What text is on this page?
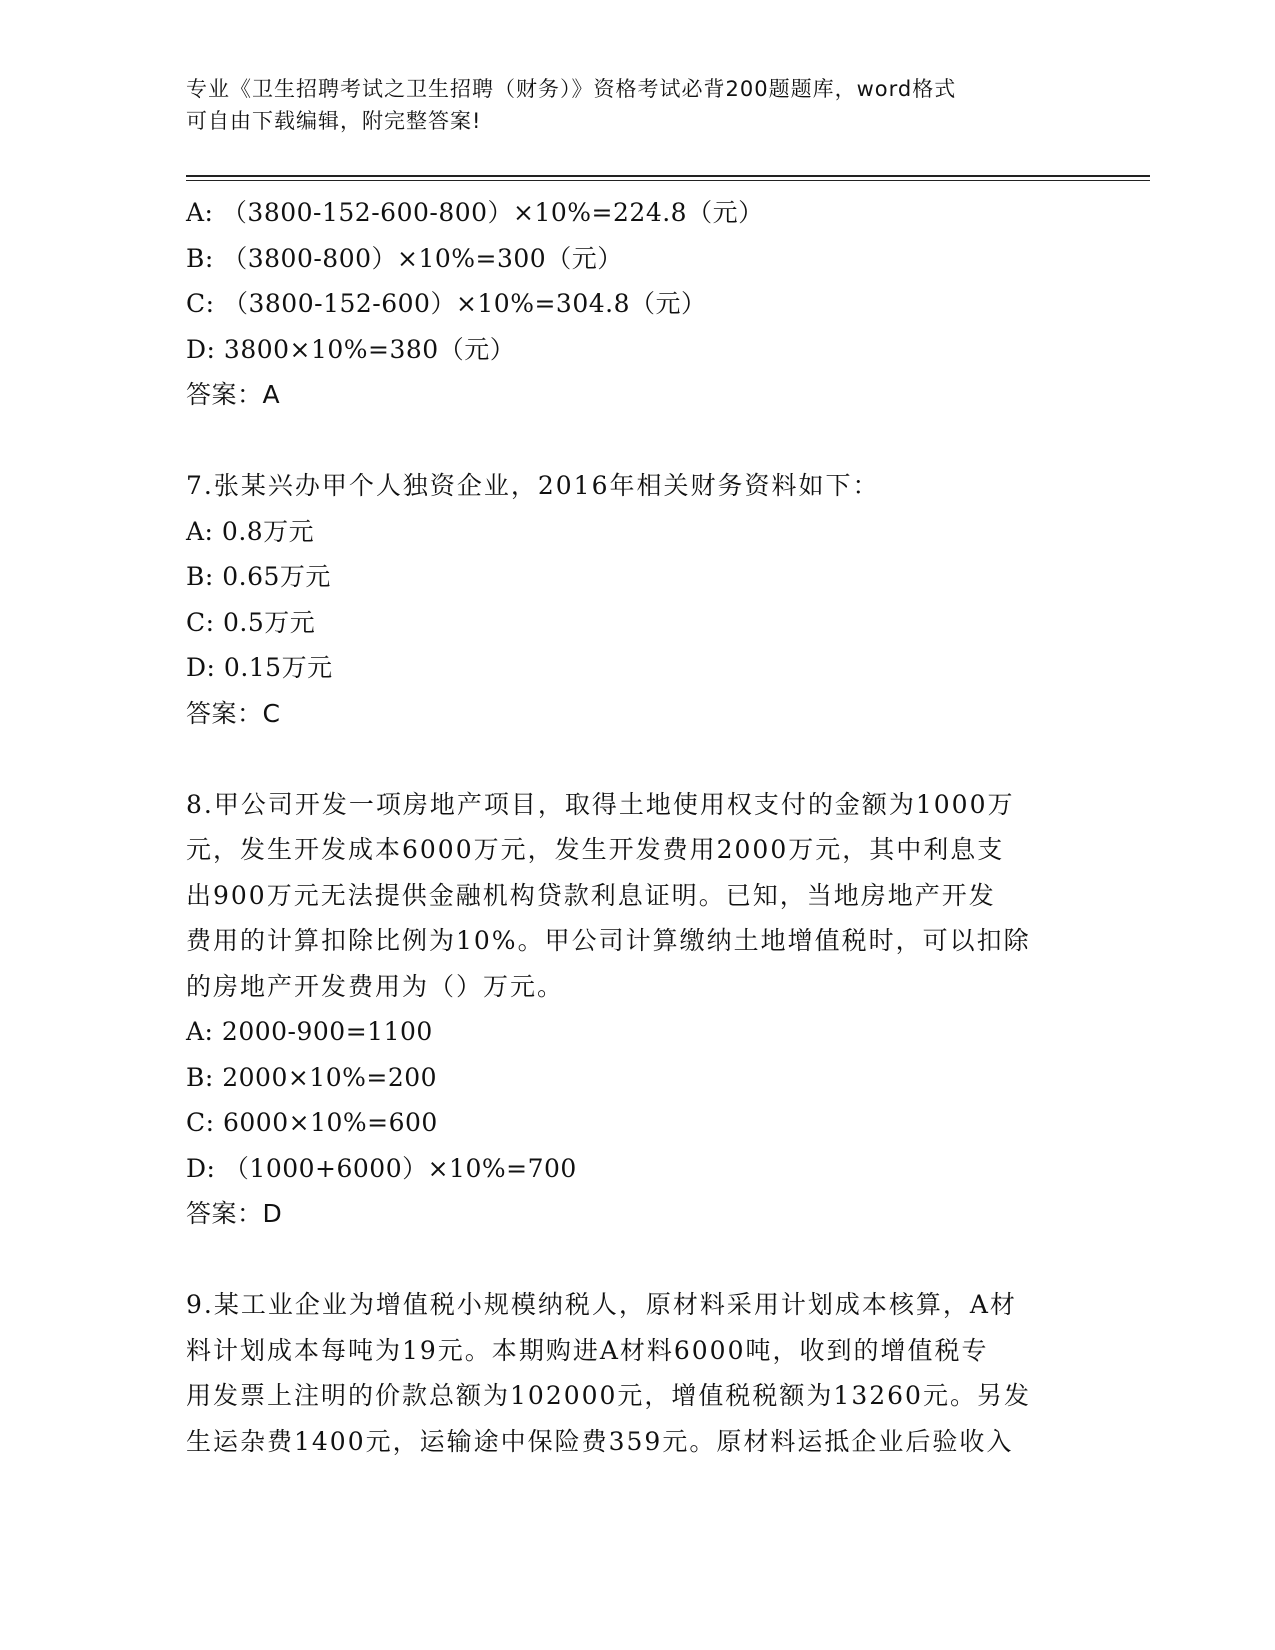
专业《卫生招聘考试之卫生招聘（财务）》资格考试必背200题题库，word格式
可自由下载编辑，附完整答案!
A: （3800-152-600-800）×10%=224.8（元）
B: （3800-800）×10%=300（元）
C: （3800-152-600）×10%=304.8（元）
D: 3800×10%=380（元）
答案：A
7.张某兴办甲个人独资企业，2016年相关财务资料如下：
A: 0.8万元
B: 0.65万元
C: 0.5万元
D: 0.15万元
答案：C
8.甲公司开发一项房地产项目，取得土地使用权支付的金额为1000万
元，发生开发成本6000万元，发生开发费用2000万元，其中利息支
出900万元无法提供金融机构贷款利息证明。已知，当地房地产开发
费用的计算扣除比例为10%。甲公司计算缴纳土地增值税时，可以扣除
的房地产开发费用为（）万元。
A: 2000-900=1100
B: 2000×10%=200
C: 6000×10%=600
D: （1000+6000）×10%=700
答案：D
9.某工业企业为增值税小规模纳税人，原材料采用计划成本核算，A材
料计划成本每吨为19元。本期购进A材料6000吨，收到的增值税专
用发票上注明的价款总额为102000元，增值税税额为13260元。另发
生运杂费1400元，运输途中保险费359元。原材料运抵企业后验收入
